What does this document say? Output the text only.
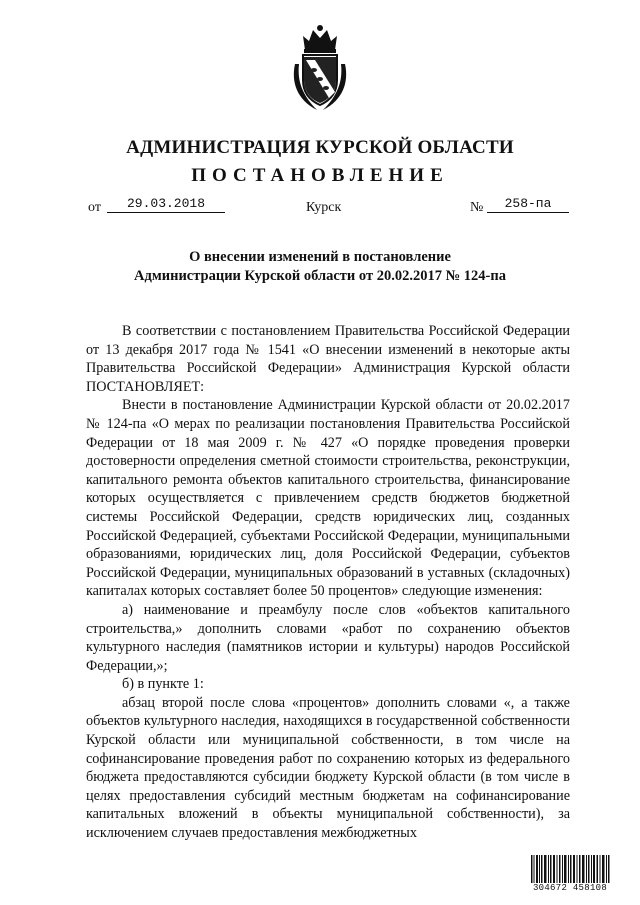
АДМИНИСТРАЦИЯ КУРСКОЙ ОБЛАСТИ
ПОСТАНОВЛЕНИЕ
от	29.03.2018	Курск	№	258-па
О внесении изменений в постановление
Администрации Курской области от 20.02.2017 № 124-па

В соответствии с постановлением Правительства Российской Федерации от 13 декабря 2017 года № 1541 «О внесении изменений в некоторые акты Правительства Российской Федерации» Администрация Курской области ПОСТАНОВЛЯЕТ:

Внести в постановление Администрации Курской области от 20.02.2017 № 124-па «О мерах по реализации постановления Правительства Российской Федерации от 18 мая 2009 г. № 427 «О порядке проведения проверки достоверности определения сметной стоимости строительства, реконструкции, капитального ремонта объектов капитального строительства, финансирование которых осуществляется с привлечением средств бюджетов бюджетной системы Российской Федерации, средств юридических лиц, созданных Российской Федерацией, субъектами Российской Федерации, муниципальными образованиями, юридических лиц, доля Российской Федерации, субъектов Российской Федерации, муниципальных образований в уставных (складочных) капиталах которых составляет более 50 процентов» следующие изменения:

а) наименование и преамбулу после слов «объектов капитального строительства,» дополнить словами «работ по сохранению объектов культурного наследия (памятников истории и культуры) народов Российской Федерации,»;

б) в пункте 1:

абзац второй после слова «процентов» дополнить словами «, а также объектов культурного наследия, находящихся в государственной собственности Курской области или муниципальной собственности, в том числе на софинансирование проведения работ по сохранению которых из федерального бюджета предоставляются субсидии бюджету Курской области (в том числе в целях предоставления субсидий местным бюджетам на софинансирование капитальных вложений в объекты муниципальной собственности), за исключением случаев предоставления межбюджетных

304672 458108
